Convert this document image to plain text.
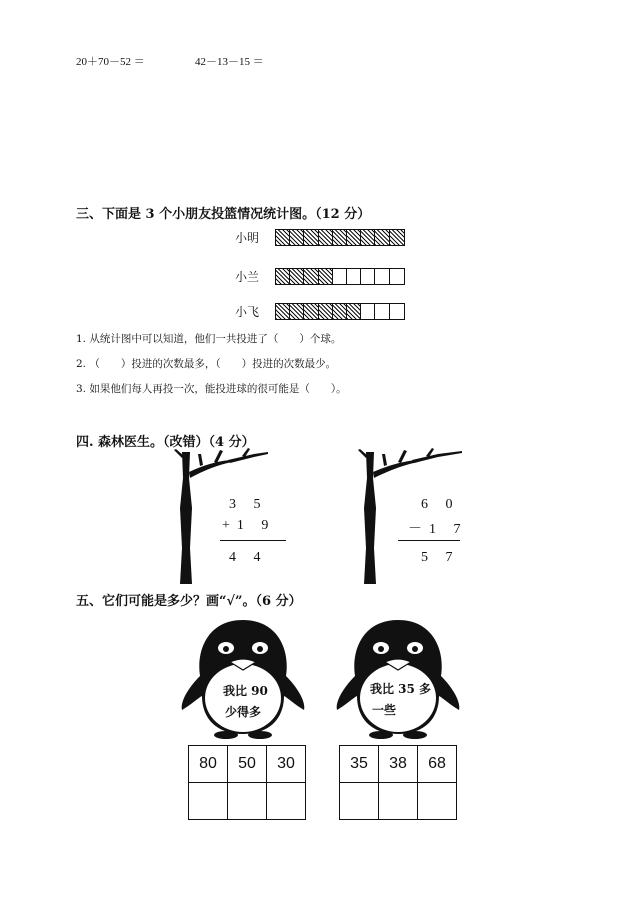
20＋70－52 ＝	42－13－15 ＝
三、下面是 3 个小朋友投篮情况统计图。（12 分）
小明
小兰
小飞
1. 从统计图中可以知道，他们一共投进了（　　）个球。
2. （　　）投进的次数最多，（　　）投进的次数最少。
3. 如果他们每人再投一次，能投进球的很可能是（　　）。
四. 森林医生。（改错）（4 分）
3 5
+1 9
4 4
6 0
－1 7
5 7
五、它们可能是多少？画“√”。（6 分）
我比 90
少得多
我比 35 多
一些
80	50	30
			35	38	68
